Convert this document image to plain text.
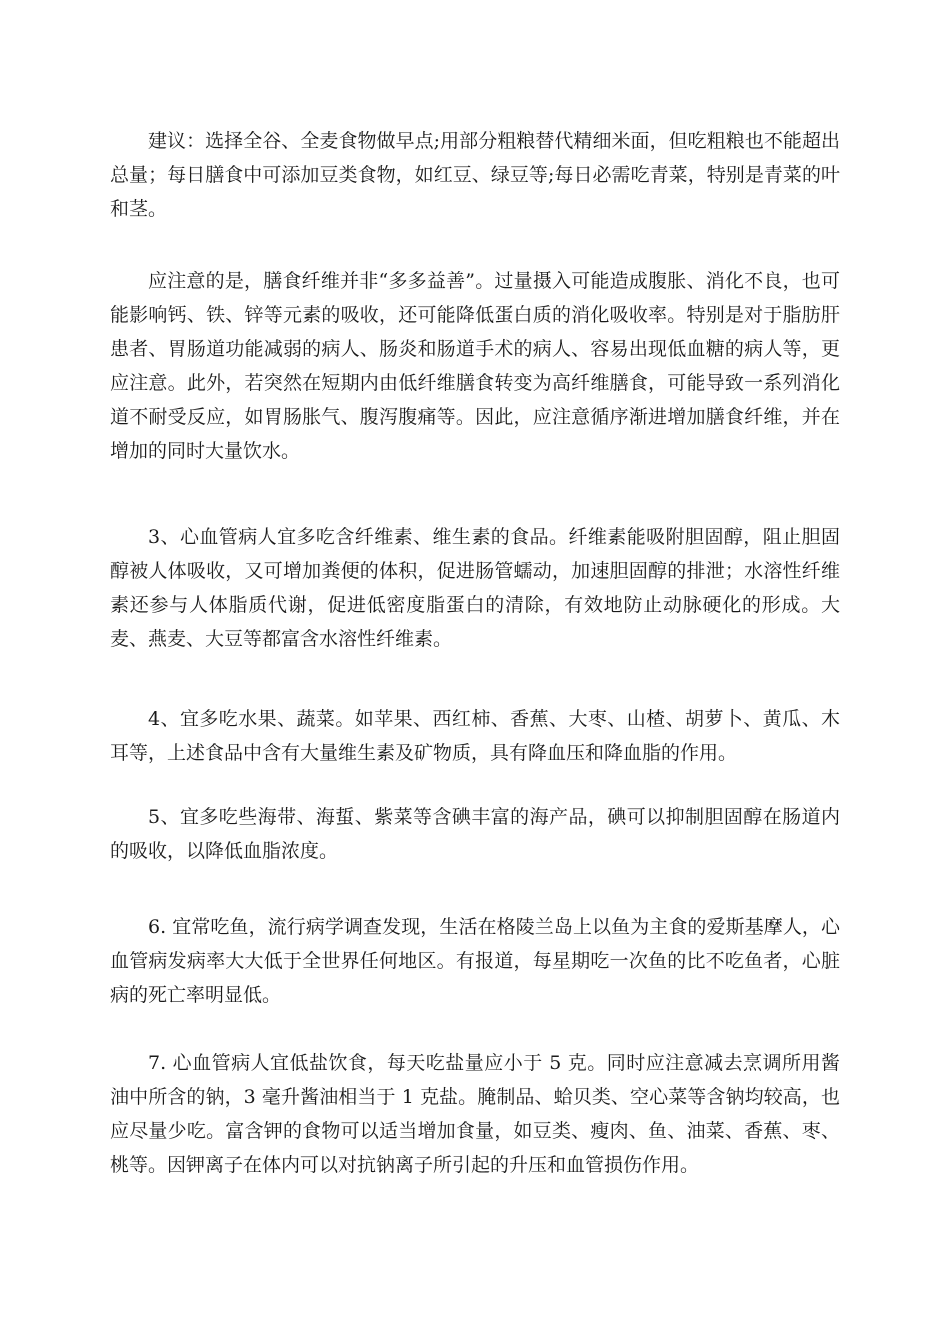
建议：选择全谷、全麦食物做早点;用部分粗粮替代精细米面，但吃粗粮也不能超出总量；每日膳食中可添加豆类食物，如红豆、绿豆等;每日必需吃青菜，特别是青菜的叶和茎。

应注意的是，膳食纤维并非“多多益善”。过量摄入可能造成腹胀、消化不良，也可能影响钙、铁、锌等元素的吸收，还可能降低蛋白质的消化吸收率。特别是对于脂肪肝患者、胃肠道功能减弱的病人、肠炎和肠道手术的病人、容易出现低血糖的病人等，更应注意。此外，若突然在短期内由低纤维膳食转变为高纤维膳食，可能导致一系列消化道不耐受反应，如胃肠胀气、腹泻腹痛等。因此，应注意循序渐进增加膳食纤维，并在增加的同时大量饮水。

3、心血管病人宜多吃含纤维素、维生素的食品。纤维素能吸附胆固醇，阻止胆固醇被人体吸收，又可增加粪便的体积，促进肠管蠕动，加速胆固醇的排泄；水溶性纤维素还参与人体脂质代谢，促进低密度脂蛋白的清除，有效地防止动脉硬化的形成。大麦、燕麦、大豆等都富含水溶性纤维素。

4、宜多吃水果、蔬菜。如苹果、西红柿、香蕉、大枣、山楂、胡萝卜、黄瓜、木耳等，上述食品中含有大量维生素及矿物质，具有降血压和降血脂的作用。

5、宜多吃些海带、海蜇、紫菜等含碘丰富的海产品，碘可以抑制胆固醇在肠道内的吸收，以降低血脂浓度。

6. 宜常吃鱼，流行病学调查发现，生活在格陵兰岛上以鱼为主食的爱斯基摩人，心血管病发病率大大低于全世界任何地区。有报道，每星期吃一次鱼的比不吃鱼者，心脏病的死亡率明显低。

7. 心血管病人宜低盐饮食，每天吃盐量应小于 5 克。同时应注意减去烹调所用酱油中所含的钠，3 毫升酱油相当于 1 克盐。腌制品、蛤贝类、空心菜等含钠均较高，也应尽量少吃。富含钾的食物可以适当增加食量，如豆类、瘦肉、鱼、油菜、香蕉、枣、桃等。因钾离子在体内可以对抗钠离子所引起的升压和血管损伤作用。
